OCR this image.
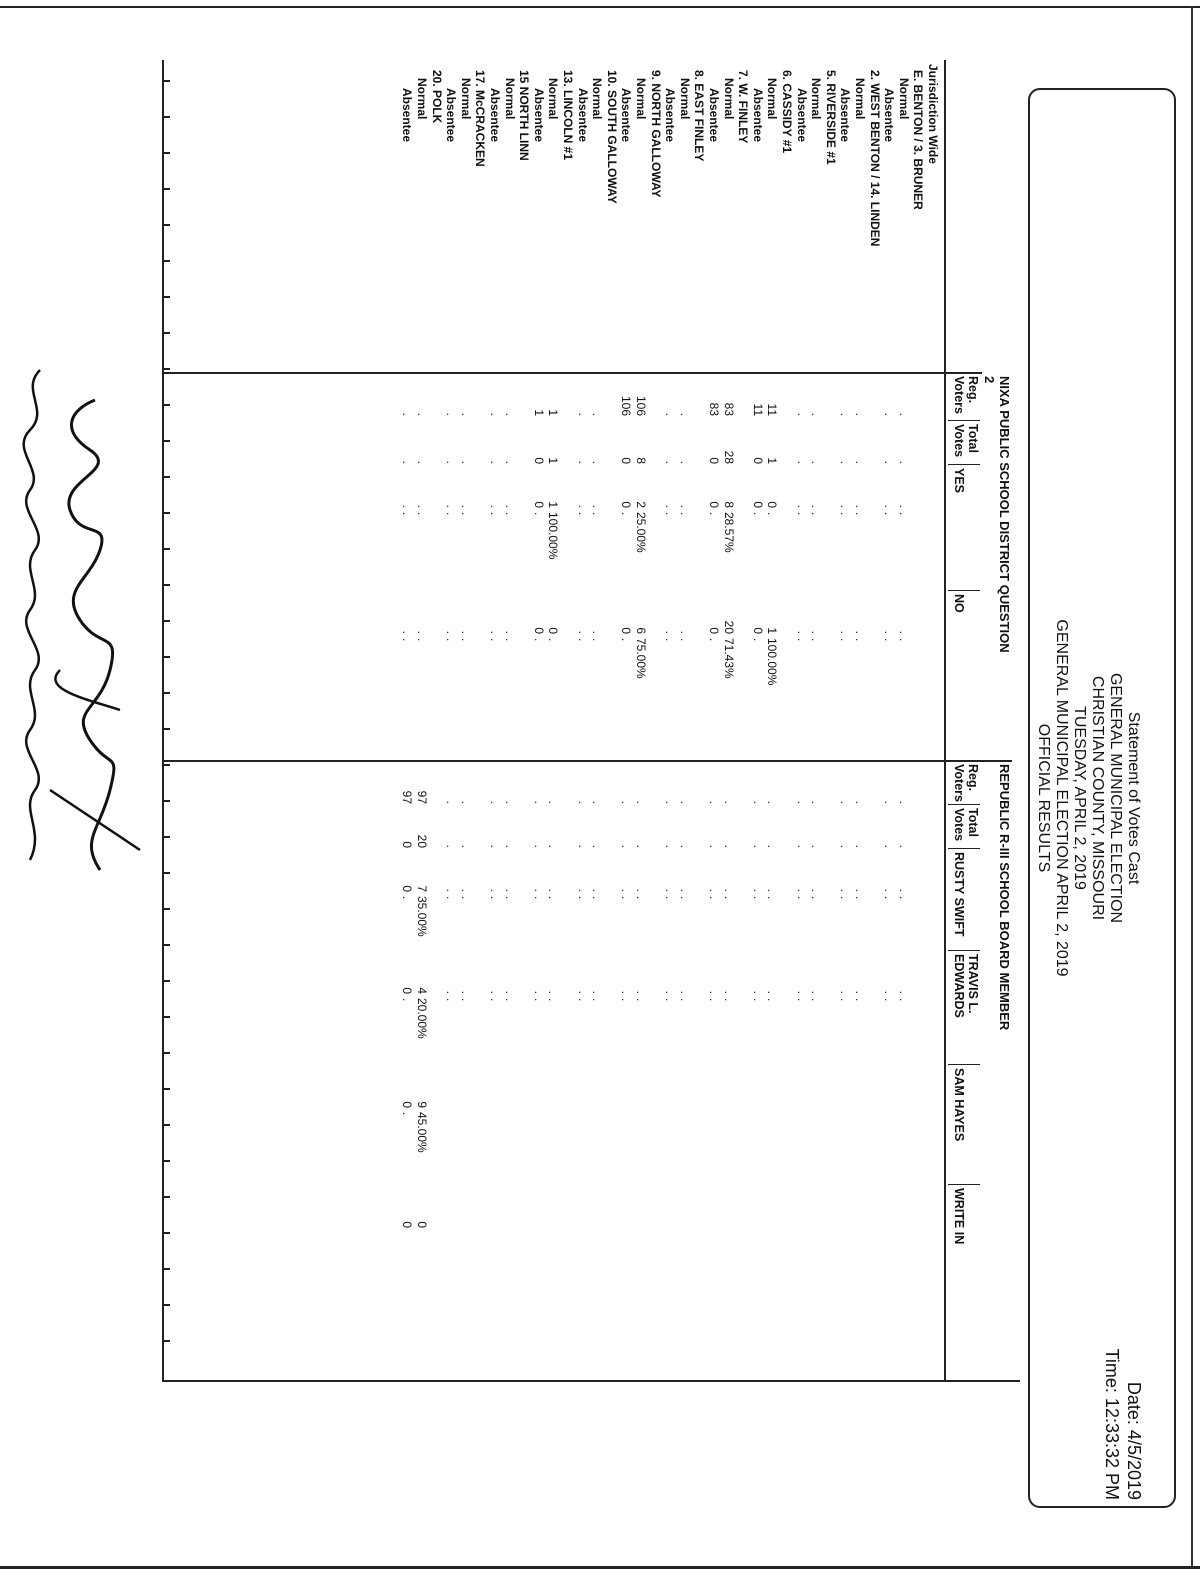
Statement of Votes Cast
GENERAL MUNICIPAL ELECTION
CHRISTIAN COUNTY, MISSOURI
TUESDAY, APRIL 2, 2019
GENERAL MUNICIPAL ELECTION APRIL 2, 2019
OFFICIAL RESULTS
Date: 4/5/2019
Time: 12:33:32 PM
NIXA PUBLIC SCHOOL DISTRICT QUESTION
2
REPUBLIC R-III SCHOOL BOARD MEMBER
Reg.
Voters
Total
Votes
YES
NO
Reg.
Voters
Total
Votes
RUSTY SWIFT
TRAVIS L.
EDWARDS
SAM HAYES
WRITE IN
Jurisdiction Wide
E. BENTON / 3. BRUNER
Normal
.
.
.
.
.
.
.
.
.
.
.
.
Absentee
.
.
.
.
.
.
.
.
.
.
.
.
2. WEST BENTON / 14. LINDEN
Normal
.
.
.
.
.
.
.
.
.
.
.
.
Absentee
.
.
.
.
.
.
.
.
.
.
.
.
5. RIVERSIDE #1
Normal
.
.
.
.
.
.
.
.
.
.
.
.
Absentee
.
.
.
.
.
.
.
.
.
.
.
.
6. CASSIDY #1
Normal
11
1
0
.
1
100.00%
.
.
.
.
.
.
Absentee
11
0
0
.
0
.
.
.
.
.
.
.
7. W. FINLEY
Normal
83
28
8
28.57%
20
71.43%
.
.
.
.
.
.
Absentee
83
0
0
.
0
.
.
.
.
.
.
.
8. EAST FINLEY
Normal
.
.
.
.
.
.
.
.
.
.
.
.
Absentee
.
.
.
.
.
.
.
.
.
.
.
.
9. NORTH GALLOWAY
Normal
106
8
2
25.00%
6
75.00%
.
.
.
.
.
.
Absentee
106
0
0
.
0
.
.
.
.
.
.
.
10. SOUTH GALLOWAY
Normal
.
.
.
.
.
.
.
.
.
.
.
.
Absentee
.
.
.
.
.
.
.
.
.
.
.
.
13. LINCOLN #1
Normal
1
1
1
100.00%
0
.
.
.
.
.
.
.
Absentee
1
0
0
.
0
.
.
.
.
.
.
.
15 NORTH LINN
Normal
.
.
.
.
.
.
.
.
.
.
.
.
Absentee
.
.
.
.
.
.
.
.
.
.
.
.
17. McCRACKEN
Normal
.
.
.
.
.
.
.
.
.
.
.
.
Absentee
.
.
.
.
.
.
.
.
.
.
.
.
20. POLK
Normal
.
.
.
.
.
.
97
20
7
35.00%
4
20.00%
9
45.00%
0
Absentee
.
.
.
.
.
.
97
0
0
.
0
.
0
.
0
